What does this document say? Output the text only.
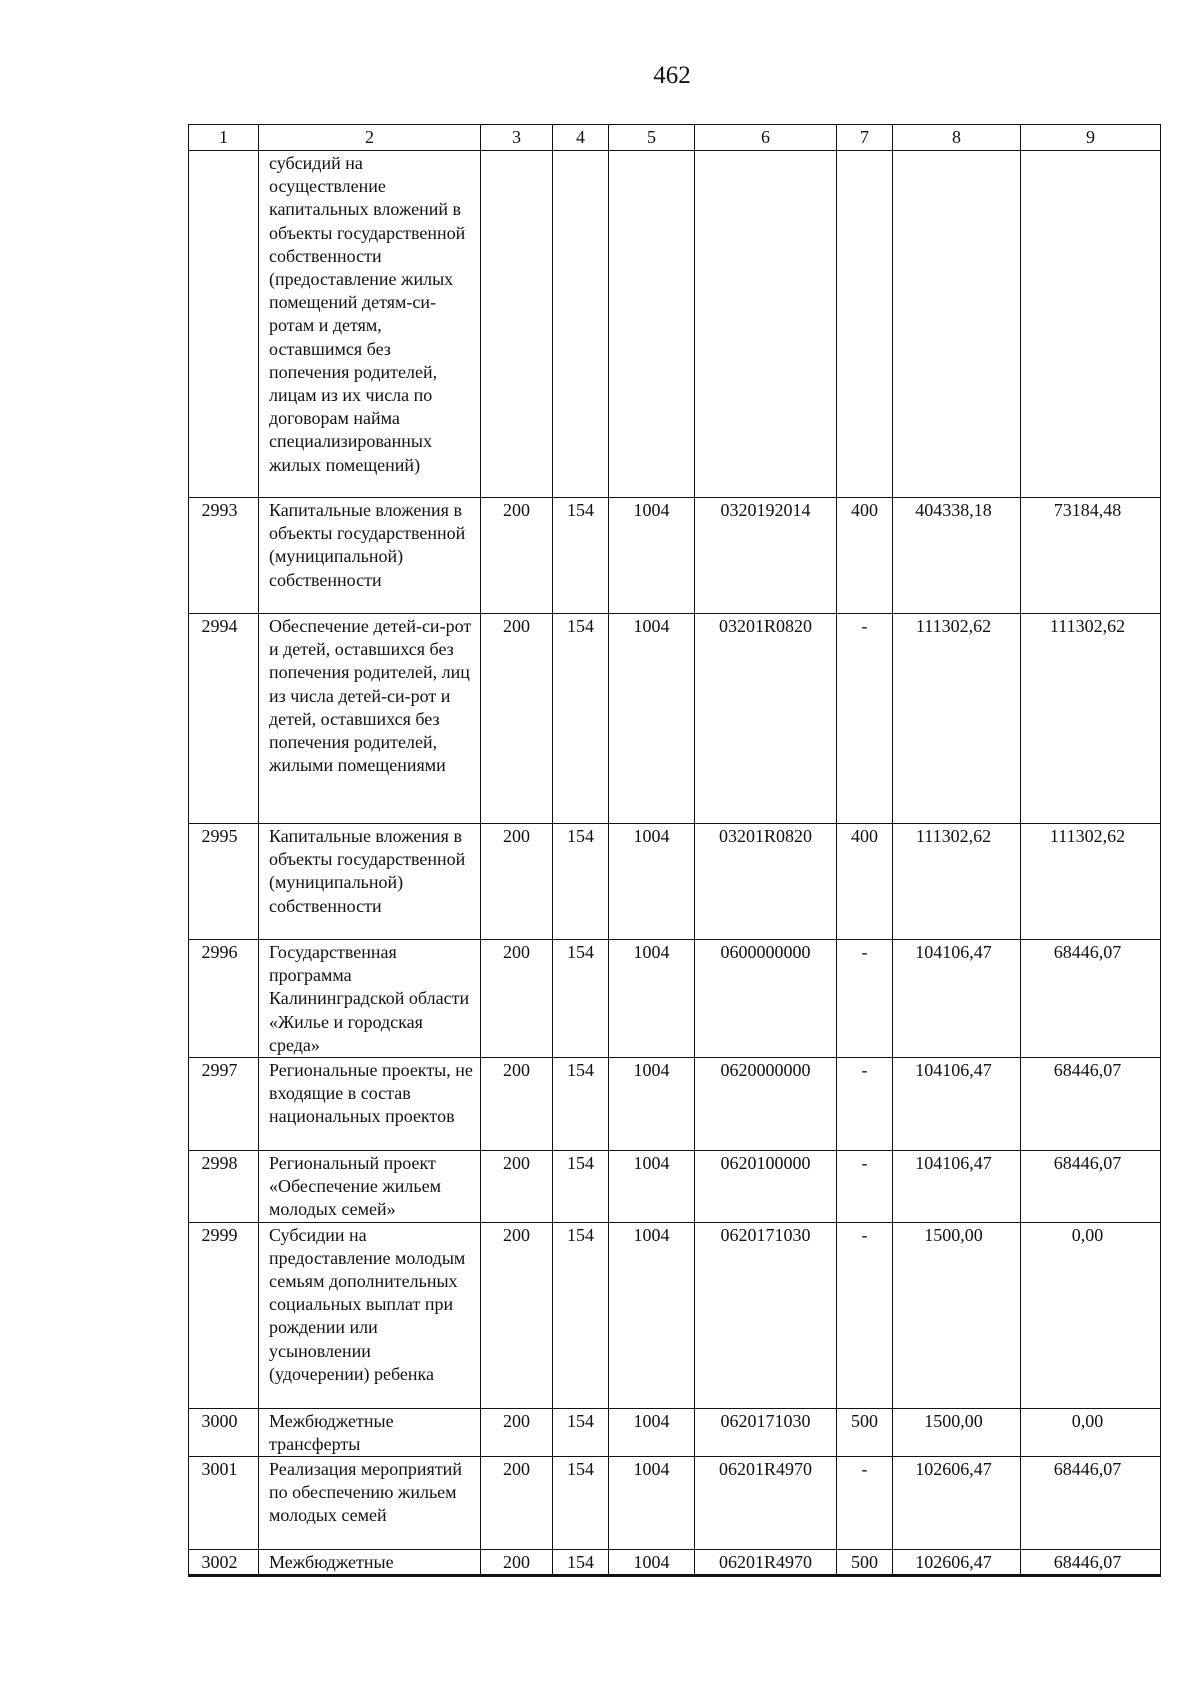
462
1	2	3	4	5	6	7	8	9
	субсидий на осуществление капитальных вложений в объекты государственной собственности (предоставление жилых помещений детям-си-ротам и детям, оставшимся без попечения родителей, лицам из их числа по договорам найма специализированных жилых помещений)							
2993	Капитальные вложения в объекты государственной (муниципальной) собственности	200	154	1004	0320192014	400	404338,18	73184,48
2994	Обеспечение детей-си-рот и детей, оставшихся без попечения родителей, лиц из числа детей-си-рот и детей, оставшихся без попечения родителей, жилыми помещениями	200	154	1004	03201R0820	-	111302,62	111302,62
2995	Капитальные вложения в объекты государственной (муниципальной) собственности	200	154	1004	03201R0820	400	111302,62	111302,62
2996	Государственная программа Калининградской области «Жилье и городская среда»	200	154	1004	0600000000	-	104106,47	68446,07
2997	Региональные проекты, не входящие в состав национальных проектов	200	154	1004	0620000000	-	104106,47	68446,07
2998	Региональный проект «Обеспечение жильем молодых семей»	200	154	1004	0620100000	-	104106,47	68446,07
2999	Субсидии на предоставление молодым семьям дополнительных социальных выплат при рождении или усыновлении (удочерении) ребенка	200	154	1004	0620171030	-	1500,00	0,00
3000	Межбюджетные трансферты	200	154	1004	0620171030	500	1500,00	0,00
3001	Реализация мероприятий по обеспечению жильем молодых семей	200	154	1004	06201R4970	-	102606,47	68446,07
3002	Межбюджетные	200	154	1004	06201R4970	500	102606,47	68446,07
